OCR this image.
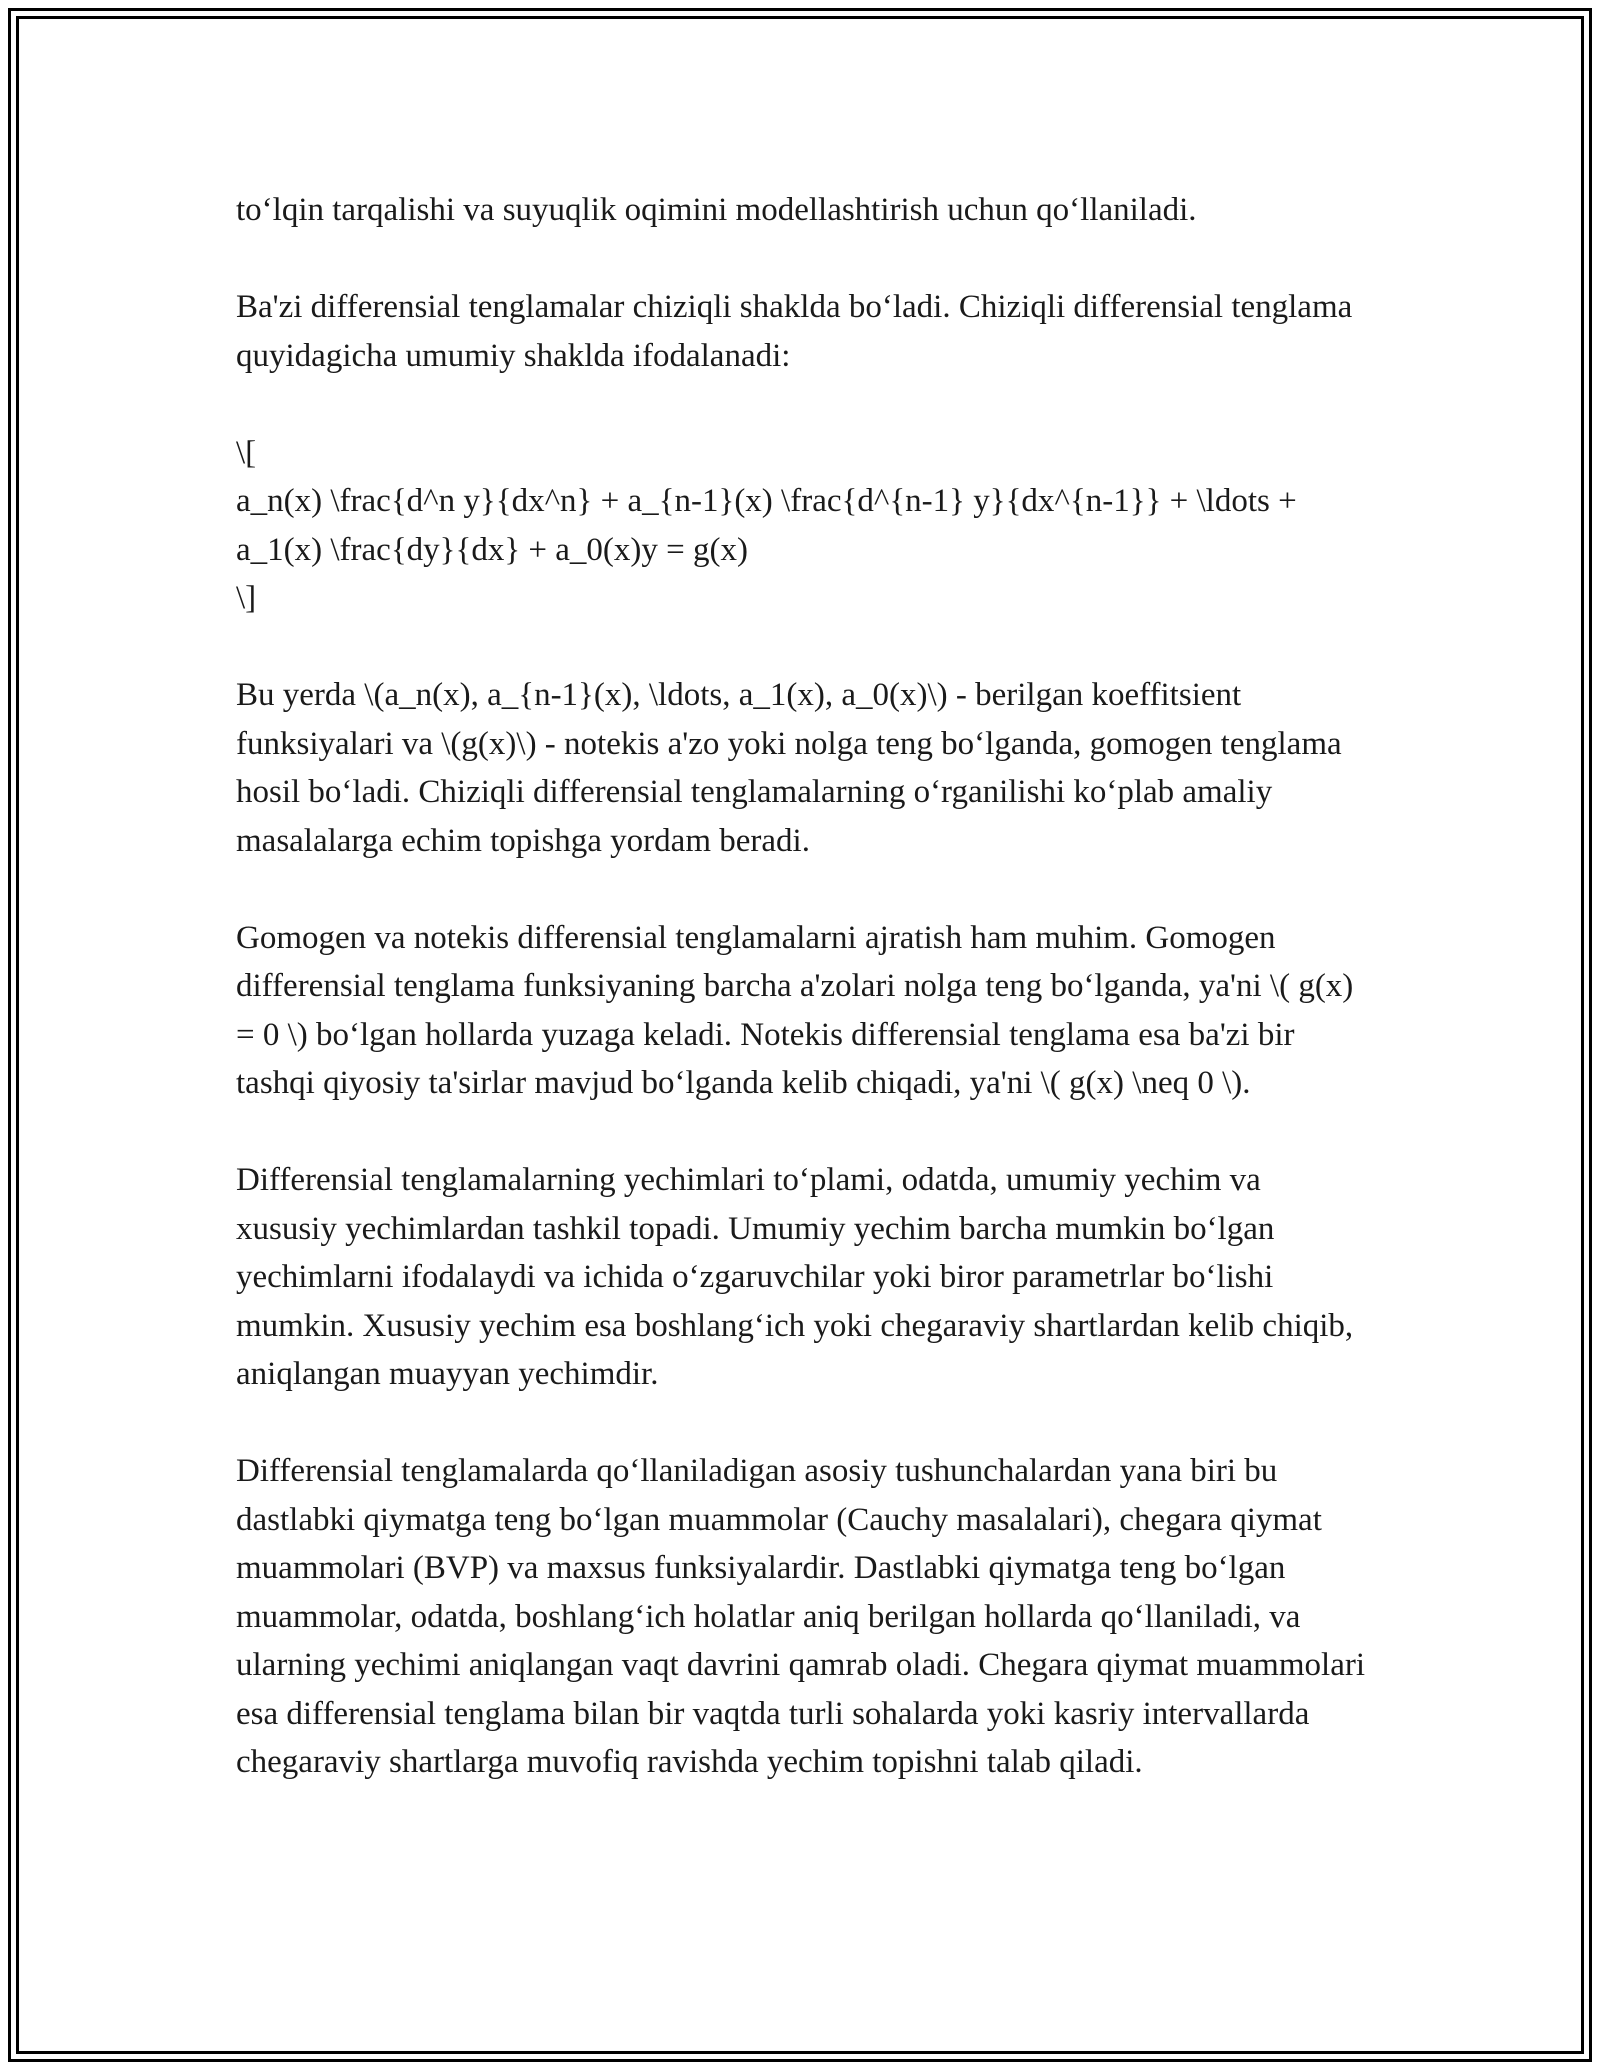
to‘lqin tarqalishi va suyuqlik oqimini modellashtirish uchun qo‘llaniladi.

Ba'zi differensial tenglamalar chiziqli shaklda bo‘ladi. Chiziqli differensial tenglama quyidagicha umumiy shaklda ifodalanadi:

\[
a_n(x) \frac{d^n y}{dx^n} + a_{n-1}(x) \frac{d^{n-1} y}{dx^{n-1}} + \ldots + a_1(x) \frac{dy}{dx} + a_0(x)y = g(x)
\]

Bu yerda \(a_n(x), a_{n-1}(x), \ldots, a_1(x), a_0(x)\) - berilgan koeffitsient funksiyalari va \(g(x)\) - notekis a'zo yoki nolga teng bo‘lganda, gomogen tenglama hosil bo‘ladi. Chiziqli differensial tenglamalarning o‘rganilishi ko‘plab amaliy masalalarga echim topishga yordam beradi.

Gomogen va notekis differensial tenglamalarni ajratish ham muhim. Gomogen differensial tenglama funksiyaning barcha a'zolari nolga teng bo‘lganda, ya'ni \( g(x) = 0 \) bo‘lgan hollarda yuzaga keladi. Notekis differensial tenglama esa ba'zi bir tashqi qiyosiy ta'sirlar mavjud bo‘lganda kelib chiqadi, ya'ni \( g(x) \neq 0 \).

Differensial tenglamalarning yechimlari to‘plami, odatda, umumiy yechim va xususiy yechimlardan tashkil topadi. Umumiy yechim barcha mumkin bo‘lgan yechimlarni ifodalaydi va ichida o‘zgaruvchilar yoki biror parametrlar bo‘lishi mumkin. Xususiy yechim esa boshlang‘ich yoki chegaraviy shartlardan kelib chiqib, aniqlangan muayyan yechimdir.

Differensial tenglamalarda qo‘llaniladigan asosiy tushunchalardan yana biri bu dastlabki qiymatga teng bo‘lgan muammolar (Cauchy masalalari), chegara qiymat muammolari (BVP) va maxsus funksiyalardir. Dastlabki qiymatga teng bo‘lgan muammolar, odatda, boshlang‘ich holatlar aniq berilgan hollarda qo‘llaniladi, va ularning yechimi aniqlangan vaqt davrini qamrab oladi. Chegara qiymat muammolari esa differensial tenglama bilan bir vaqtda turli sohalarda yoki kasriy intervallarda chegaraviy shartlarga muvofiq ravishda yechim topishni talab qiladi.
